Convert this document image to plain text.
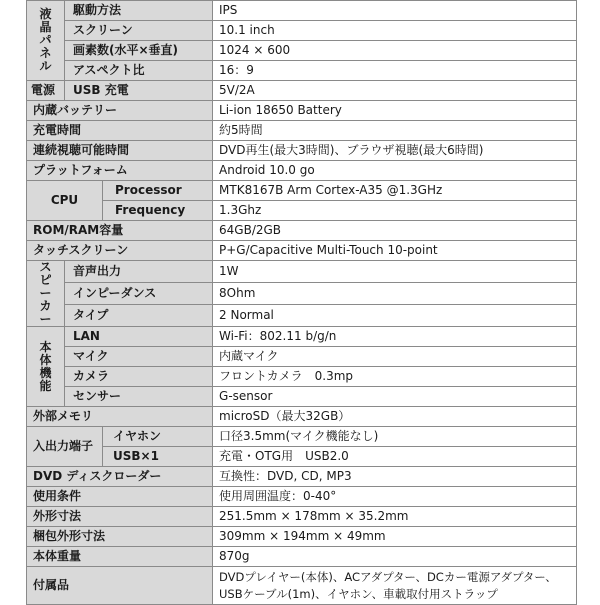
液
晶
パ
ネ
ル	駆動方法		IPS
	スクリーン		10.1 inch
	画素数(水平×垂直)		1024 × 600
	アスペクト比		16：9
電源	USB 充電		5V/2A
内蔵バッテリー			Li-ion 18650 Battery
充電時間			約5時間
連続視聴可能時間			DVD再生(最大3時間)、ブラウザ視聴(最大6時間)
プラットフォーム			Android 10.0 go
CPU		Processor	MTK8167B Arm Cortex-A35 @1.3GHz
		Frequency	1.3Ghz
ROM/RAM容量			64GB/2GB
タッチスクリーン			P+G/Capacitive Multi-Touch 10-point

ス
ピ
ー
カ
ー	音声出力		1W
	インピーダンス		8Ohm
	タイプ		2 Normal

本
体
機
能	LAN		Wi-Fi：802.11 b/g/n
	マイク		内蔵マイク
	カメラ		フロントカメラ　0.3mp
	センサー		G-sensor
外部メモリ			microSD（最大32GB）
入出力端子		イヤホン	口径3.5mm(マイク機能なし)
		USB×1	充電・OTG用　USB2.0
DVD ディスクローダー			互換性：DVD, CD, MP3
使用条件			使用周囲温度：0-40°
外形寸法			251.5mm × 178mm × 35.2mm
梱包外形寸法			309mm × 194mm × 49mm
本体重量			870g
付属品			DVDプレイヤー(本体)、ACアダプター、DCカー電源アダプター、
USBケーブル(1m)、イヤホン、車載取付用ストラップ
